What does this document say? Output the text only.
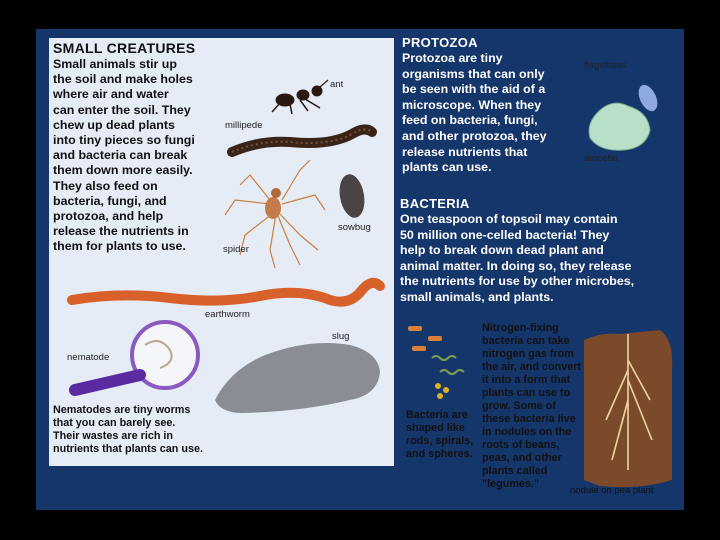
SMALL CREATURES
Small animals stir up
the soil and make holes
where air and water
can enter the soil. They
chew up dead plants
into tiny pieces so fungi
and bacteria can break
them down more easily.
They also feed on
bacteria, fungi, and
protozoa, and help
release the nutrients in
them for plants to use.
ant
millipede
spider
sowbug
earthworm
slug
nematode
Nematodes are tiny worms
that you can barely see.
Their wastes are rich in
nutrients that plants can use.
PROTOZOA
Protozoa are tiny
organisms that can only
be seen with the aid of a
microscope. When they
feed on bacteria, fungi,
and other protozoa, they
release nutrients that
plants can use.
flagellates
amoeba
BACTERIA
One teaspoon of topsoil may contain
50 million one-celled bacteria! They
help to break down dead plant and
animal matter. In doing so, they release
the nutrients for use by other microbes,
small animals, and plants.
Nitrogen-fixing
bacteria can take
nitrogen gas from
the air, and convert
it into a form that
plants can use to
grow. Some of
these bacteria live
in nodules on the
roots of beans,
peas, and other
plants called
"legumes."
Bacteria are
shaped like
rods, spirals,
and spheres.
nodule on pea plant
